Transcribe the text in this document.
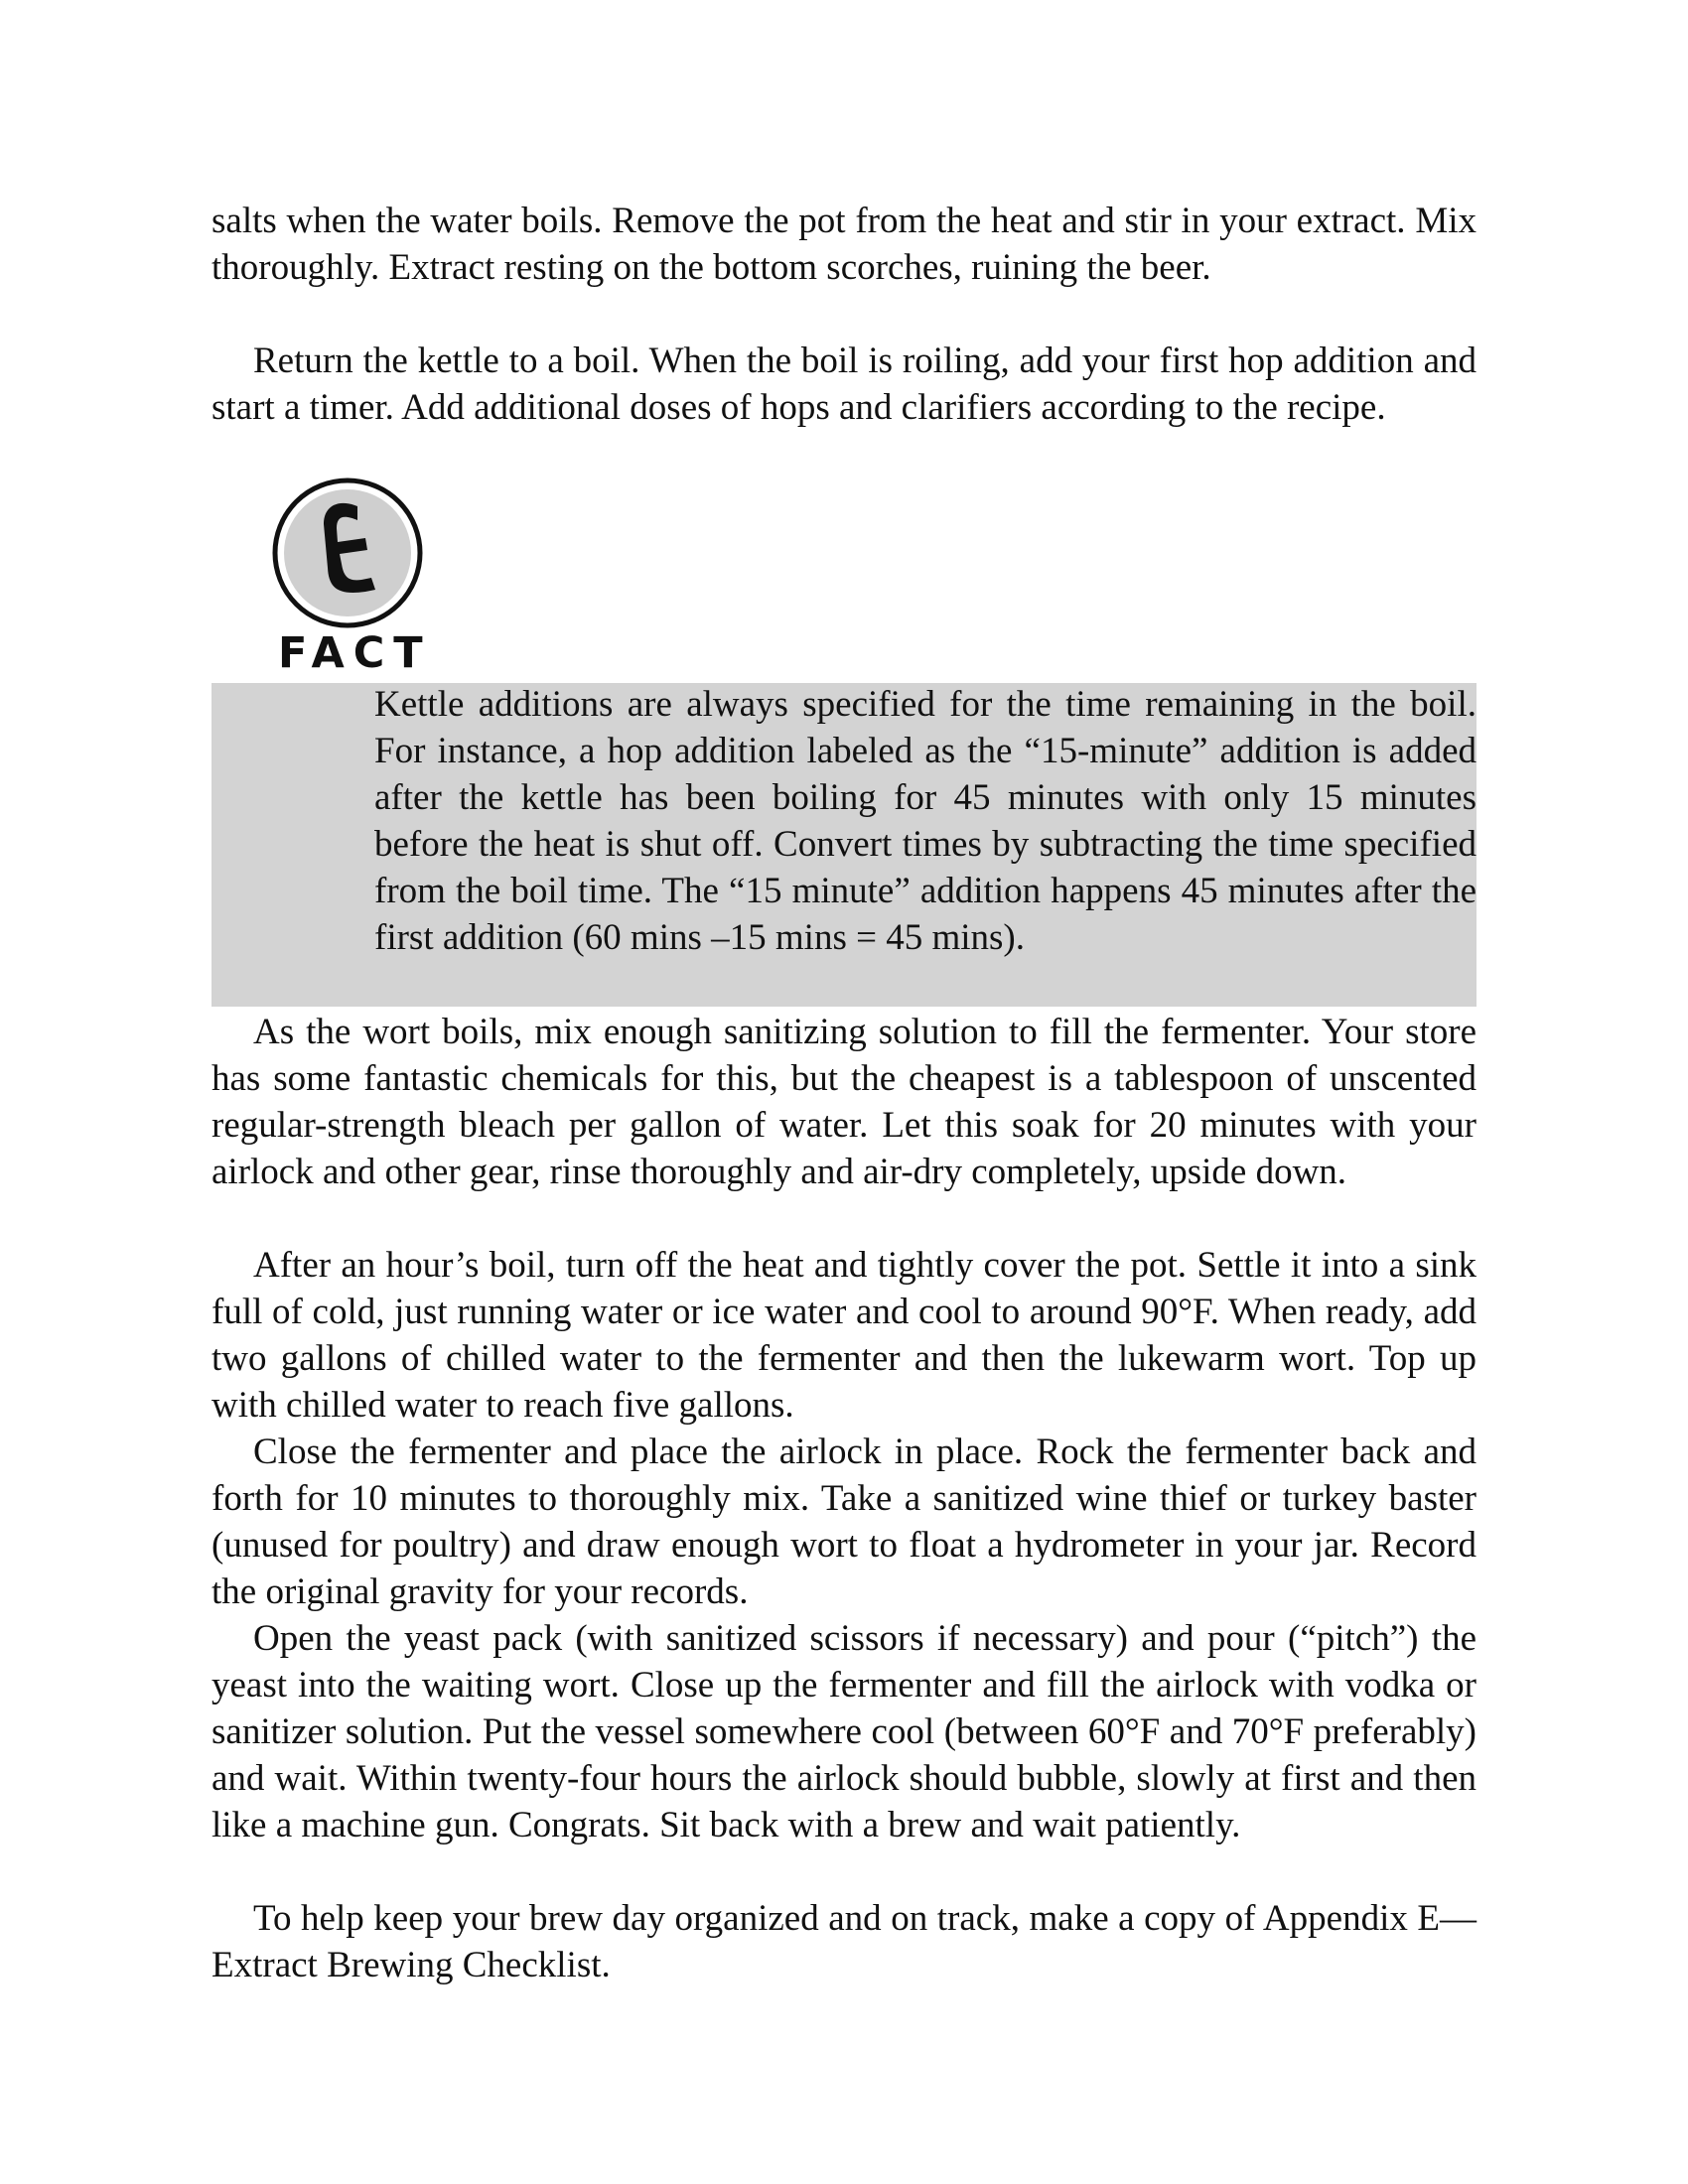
salts when the water boils. Remove the pot from the heat and stir in your extract. Mix thoroughly. Extract resting on the bottom scorches, ruining the beer.

Return the kettle to a boil. When the boil is roiling, add your first hop addition and start a timer. Add additional doses of hops and clarifiers according to the recipe.

FACT

Kettle additions are always specified for the time remaining in the boil. For instance, a hop addition labeled as the “15-minute” addition is added after the kettle has been boiling for 45 minutes with only 15 minutes before the heat is shut off. Convert times by subtracting the time specified from the boil time. The “15 minute” addition happens 45 minutes after the first addition (60 mins –15 mins = 45 mins).

As the wort boils, mix enough sanitizing solution to fill the fermenter. Your store has some fantastic chemicals for this, but the cheapest is a tablespoon of unscented regular-strength bleach per gallon of water. Let this soak for 20 minutes with your airlock and other gear, rinse thoroughly and air-dry completely, upside down.

After an hour’s boil, turn off the heat and tightly cover the pot. Settle it into a sink full of cold, just running water or ice water and cool to around 90°F. When ready, add two gallons of chilled water to the fermenter and then the lukewarm wort. Top up with chilled water to reach five gallons.

Close the fermenter and place the airlock in place. Rock the fermenter back and forth for 10 minutes to thoroughly mix. Take a sanitized wine thief or turkey baster (unused for poultry) and draw enough wort to float a hydrometer in your jar. Record the original gravity for your records.

Open the yeast pack (with sanitized scissors if necessary) and pour (“pitch”) the yeast into the waiting wort. Close up the fermenter and fill the airlock with vodka or sanitizer solution. Put the vessel somewhere cool (between 60°F and 70°F preferably) and wait. Within twenty-four hours the airlock should bubble, slowly at first and then like a machine gun. Congrats. Sit back with a brew and wait patiently.

To help keep your brew day organized and on track, make a copy of Appendix E—Extract Brewing Checklist.
